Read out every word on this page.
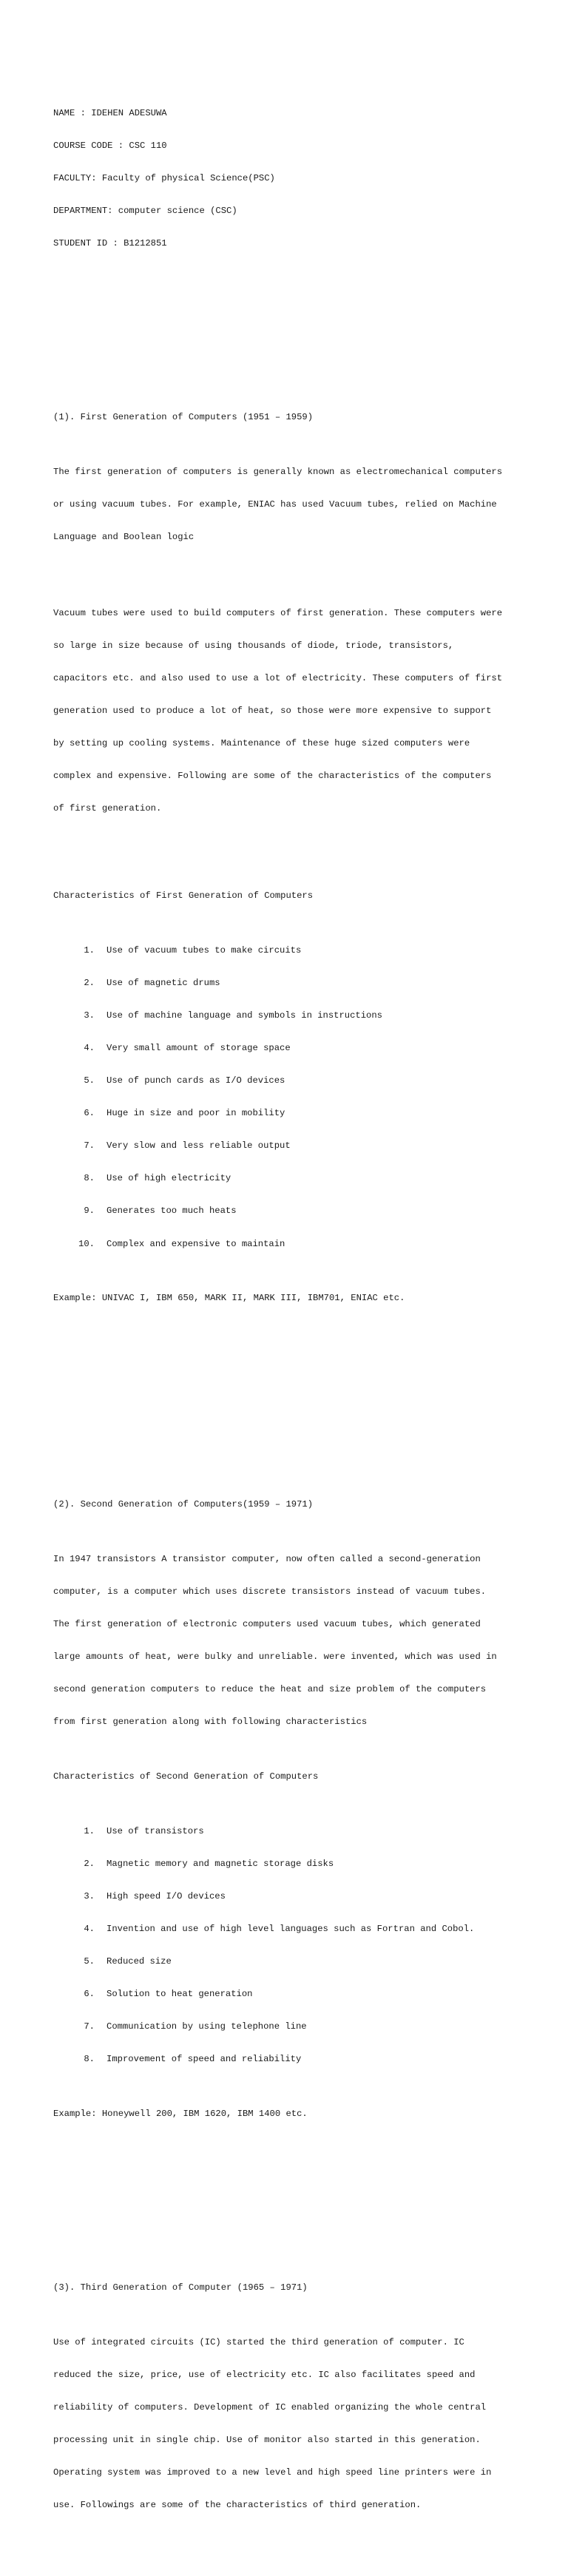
NAME : IDEHEN ADESUWA

COURSE CODE : CSC 110

FACULTY: Faculty of physical Science(PSC)

DEPARTMENT: computer science (CSC)

STUDENT ID : B1212851

(1). First Generation of Computers (1951 – 1959)

The first generation of computers is generally known as electromechanical computers

or using vacuum tubes. For example, ENIAC has used Vacuum tubes, relied on Machine

Language and Boolean logic

Vacuum tubes were used to build computers of first generation. These computers were

so large in size because of using thousands of diode, triode, transistors,

capacitors etc. and also used to use a lot of electricity. These computers of first

generation used to produce a lot of heat, so those were more expensive to support

by setting up cooling systems. Maintenance of these huge sized computers were

complex and expensive. Following are some of the characteristics of the computers

of first generation.

Characteristics of First Generation of Computers

1. Use of vacuum tubes to make circuits

2. Use of magnetic drums

3. Use of machine language and symbols in instructions

4. Very small amount of storage space

5. Use of punch cards as I/O devices

6. Huge in size and poor in mobility

7. Very slow and less reliable output

8. Use of high electricity

9. Generates too much heats

10. Complex and expensive to maintain

Example: UNIVAC I, IBM 650, MARK II, MARK III, IBM701, ENIAC etc.

(2). Second Generation of Computers(1959 – 1971)

In 1947 transistors A transistor computer, now often called a second-generation

computer, is a computer which uses discrete transistors instead of vacuum tubes.

The first generation of electronic computers used vacuum tubes, which generated

large amounts of heat, were bulky and unreliable. were invented, which was used in

second generation computers to reduce the heat and size problem of the computers

from first generation along with following characteristics

Characteristics of Second Generation of Computers

1. Use of transistors

2. Magnetic memory and magnetic storage disks

3. High speed I/O devices

4. Invention and use of high level languages such as Fortran and Cobol.

5. Reduced size

6. Solution to heat generation

7. Communication by using telephone line

8. Improvement of speed and reliability

Example: Honeywell 200, IBM 1620, IBM 1400 etc.

(3). Third Generation of Computer (1965 – 1971)

Use of integrated circuits (IC) started the third generation of computer. IC

reduced the size, price, use of electricity etc. IC also facilitates speed and

reliability of computers. Development of IC enabled organizing the whole central

processing unit in single chip. Use of monitor also started in this generation.

Operating system was improved to a new level and high speed line printers were in

use. Followings are some of the characteristics of third generation.
